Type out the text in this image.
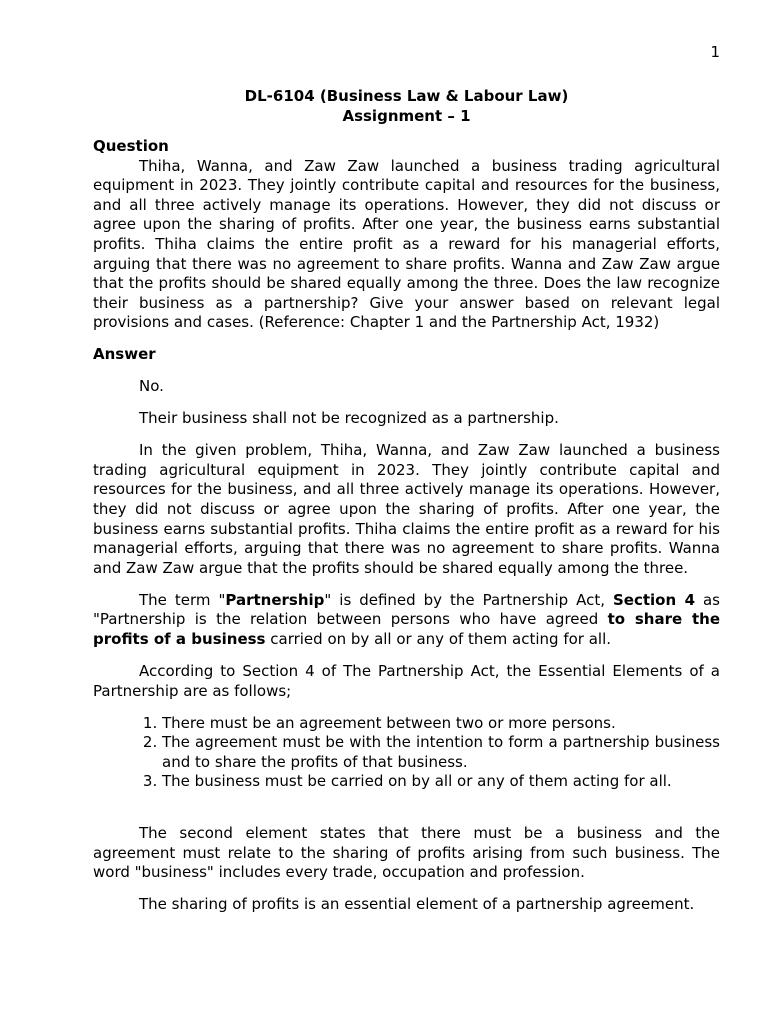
1
DL-6104 (Business Law & Labour Law)
Assignment – 1
Question

Thiha, Wanna, and Zaw Zaw launched a business trading agricultural equipment in 2023. They jointly contribute capital and resources for the business, and all three actively manage its operations. However, they did not discuss or agree upon the sharing of profits. After one year, the business earns substantial profits. Thiha claims the entire profit as a reward for his managerial efforts, arguing that there was no agreement to share profits. Wanna and Zaw Zaw argue that the profits should be shared equally among the three. Does the law recognize their business as a partnership? Give your answer based on relevant legal provisions and cases. (Reference: Chapter 1 and the Partnership Act, 1932)

Answer

No.

Their business shall not be recognized as a partnership.

In the given problem, Thiha, Wanna, and Zaw Zaw launched a business trading agricultural equipment in 2023. They jointly contribute capital and resources for the business, and all three actively manage its operations. However, they did not discuss or agree upon the sharing of profits. After one year, the business earns substantial profits. Thiha claims the entire profit as a reward for his managerial efforts, arguing that there was no agreement to share profits. Wanna and Zaw Zaw argue that the profits should be shared equally among the three.

The term "Partnership" is defined by the Partnership Act, Section 4 as "Partnership is the relation between persons who have agreed to share the profits of a business carried on by all or any of them acting for all.

According to Section 4 of The Partnership Act, the Essential Elements of a Partnership are as follows;

1. There must be an agreement between two or more persons.
2. The agreement must be with the intention to form a partnership business and to share the profits of that business.
3. The business must be carried on by all or any of them acting for all.

The second element states that there must be a business and the agreement must relate to the sharing of profits arising from such business. The word "business" includes every trade, occupation and profession.

The sharing of profits is an essential element of a partnership agreement.
